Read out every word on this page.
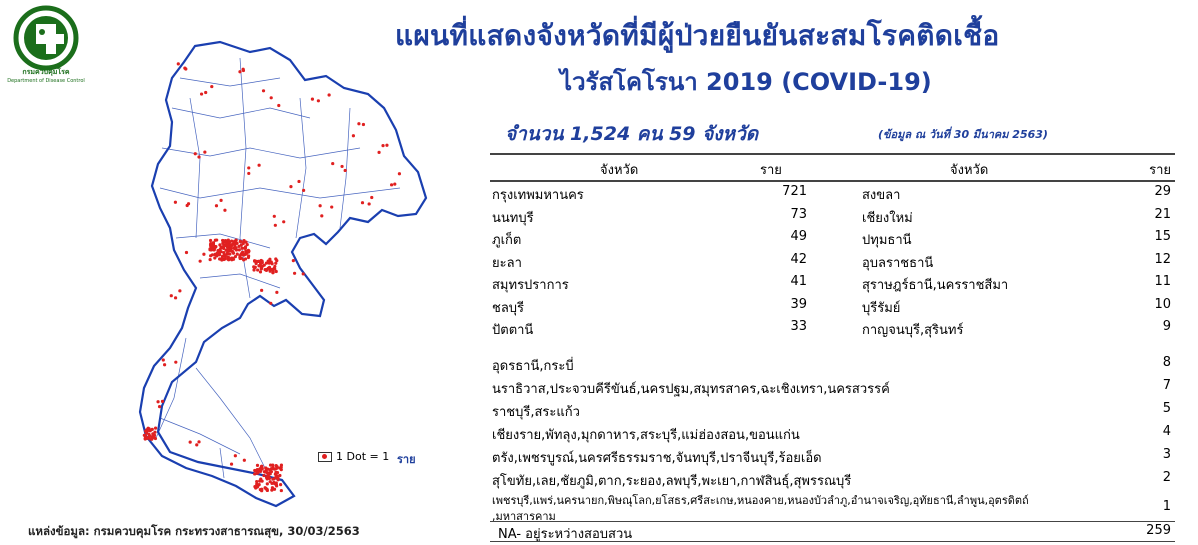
กรมควบคุมโรค
Department of Disease Control
1 Dot = 1 ราย
แผนที่แสดงจังหวัดที่มีผู้ป่วยยืนยันสะสมโรคติดเชื้อ
ไวรัสโคโรนา 2019 (COVID-19)
จำนวน 1,524 คน 59 จังหวัด	(ข้อมูล ณ วันที่ 30 มีนาคม 2563)
จังหวัด	ราย	จังหวัด	ราย
กรุงเทพมหานคร	721	สงขลา	29
นนทบุรี	73	เชียงใหม่	21
ภูเก็ต	49	ปทุมธานี	15
ยะลา	42	อุบลราชธานี	12
สมุทรปราการ	41	สุราษฎร์ธานี,นครราชสีมา	11
ชลบุรี	39	บุรีรัมย์	10
ปัตตานี	33	กาญจนบุรี,สุรินทร์	9
อุดรธานี,กระบี่	8
นราธิวาส,ประจวบคีรีขันธ์,นครปฐม,สมุทรสาคร,ฉะเชิงเทรา,นครสวรรค์	7
ราชบุรี,สระแก้ว	5
เชียงราย,พัทลุง,มุกดาหาร,สระบุรี,แม่ฮ่องสอน,ขอนแก่น	4
ตรัง,เพชรบูรณ์,นครศรีธรรมราช,จันทบุรี,ปราจีนบุรี,ร้อยเอ็ด	3
สุโขทัย,เลย,ชัยภูมิ,ตาก,ระยอง,ลพบุรี,พะเยา,กาฬสินธุ์,สุพรรณบุรี	2
,มหาสารคาม
เพชรบุรี,แพร่,นครนายก,พิษณุโลก,ยโสธร,ศรีสะเกษ,หนองคาย,หนองบัวลำภู,อำนาจเจริญ,อุทัยธานี,ลำพูน,อุตรดิตถ์	1
NA- อยู่ระหว่างสอบสวน	259
แหล่งข้อมูล: กรมควบคุมโรค กระทรวงสาธารณสุข, 30/03/2563
